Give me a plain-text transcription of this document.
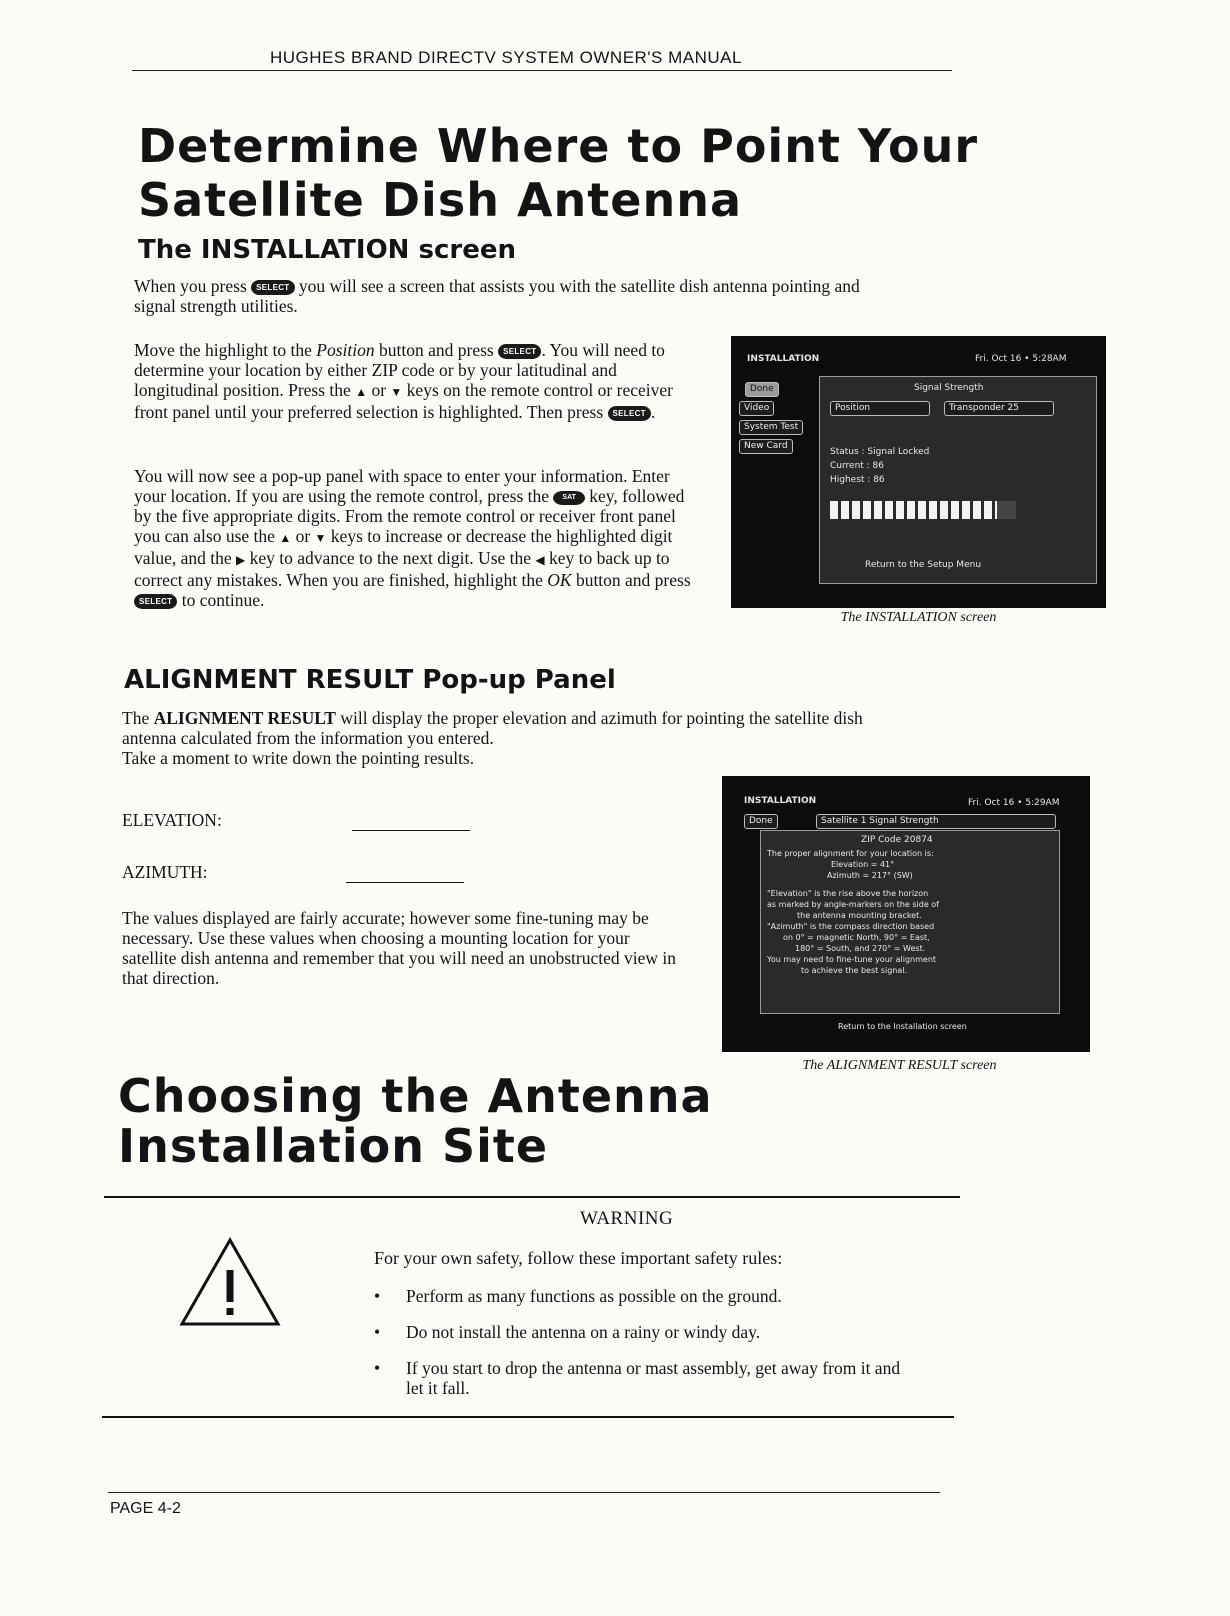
HUGHES BRAND DIRECTV SYSTEM OWNER'S MANUAL
Determine Where to Point Your
Satellite Dish Antenna
The INSTALLATION screen
When you press SELECT you will see a screen that assists you with the satellite dish antenna pointing and signal strength utilities.
Move the highlight to the Position button and press SELECT . You will need to determine your location by either ZIP code or by your latitudinal and longitudinal position. Press the ▲ or ▼ keys on the remote control or receiver front panel until your preferred selection is highlighted. Then press SELECT .
You will now see a pop-up panel with space to enter your information. Enter your location. If you are using the remote control, press the SAT key, followed by the five appropriate digits. From the remote control or receiver front panel you can also use the ▲ or ▼ keys to increase or decrease the highlighted digit value, and the ▶ key to advance to the next digit. Use the ◀ key to back up to correct any mistakes. When you are finished, highlight the OK button and press SELECT to continue.
INSTALLATION	Fri. Oct 16 • 5:28AM
Done
Video
System Test
New Card
Signal Strength
Position	Transponder 25
Status : Signal Locked
Current : 86
Highest : 86
Return to the Setup Menu
The INSTALLATION screen
ALIGNMENT RESULT Pop-up Panel
The ALIGNMENT RESULT will display the proper elevation and azimuth for pointing the satellite dish antenna calculated from the information you entered.
Take a moment to write down the pointing results.
ELEVATION:
AZIMUTH:
The values displayed are fairly accurate; however some fine-tuning may be necessary. Use these values when choosing a mounting location for your satellite dish antenna and remember that you will need an unobstructed view in that direction.
INSTALLATION	Fri. Oct 16 • 5:29AM
Done	Satellite 1 Signal Strength
ZIP Code 20874
The proper alignment for your location is:
Elevation = 41°
Azimuth = 217° (SW)
"Elevation" is the rise above the horizon
as marked by angle-markers on the side of
the antenna mounting bracket.
"Azimuth" is the compass direction based
on 0° = magnetic North, 90° = East,
180° = South, and 270° = West.
You may need to fine-tune your alignment
to achieve the best signal.
Return to the Installation screen
The ALIGNMENT RESULT screen
Choosing the Antenna
Installation Site
WARNING
For your own safety, follow these important safety rules:
• Perform as many functions as possible on the ground.
• Do not install the antenna on a rainy or windy day.
• If you start to drop the antenna or mast assembly, get away from it and let it fall.
PAGE 4-2
